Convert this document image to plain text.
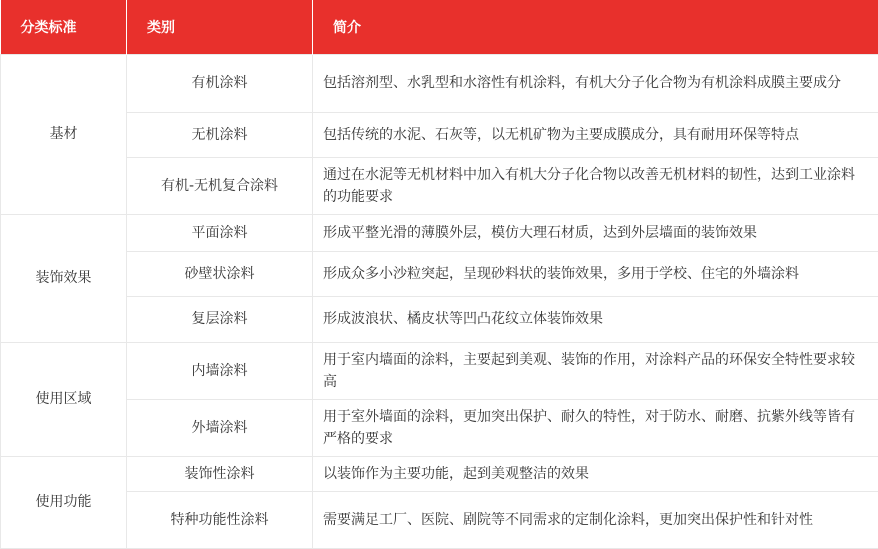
分类标准	类别	简介
基材	有机涂料	包括溶剂型、水乳型和水溶性有机涂料，有机大分子化合物为有机涂料成膜主要成分
	无机涂料	包括传统的水泥、石灰等，以无机矿物为主要成膜成分，具有耐用环保等特点
	有机-无机复合涂料	通过在水泥等无机材料中加入有机大分子化合物以改善无机材料的韧性，达到工业涂料的功能要求
装饰效果	平面涂料	形成平整光滑的薄膜外层，模仿大理石材质，达到外层墙面的装饰效果
	砂壁状涂料	形成众多小沙粒突起，呈现砂料状的装饰效果，多用于学校、住宅的外墙涂料
	复层涂料	形成波浪状、橘皮状等凹凸花纹立体装饰效果
使用区域	内墙涂料	用于室内墙面的涂料，主要起到美观、装饰的作用，对涂料产品的环保安全特性要求较高
	外墙涂料	用于室外墙面的涂料，更加突出保护、耐久的特性，对于防水、耐磨、抗紫外线等皆有严格的要求
使用功能	装饰性涂料	以装饰作为主要功能，起到美观整洁的效果
	特种功能性涂料	需要满足工厂、医院、剧院等不同需求的定制化涂料，更加突出保护性和针对性
